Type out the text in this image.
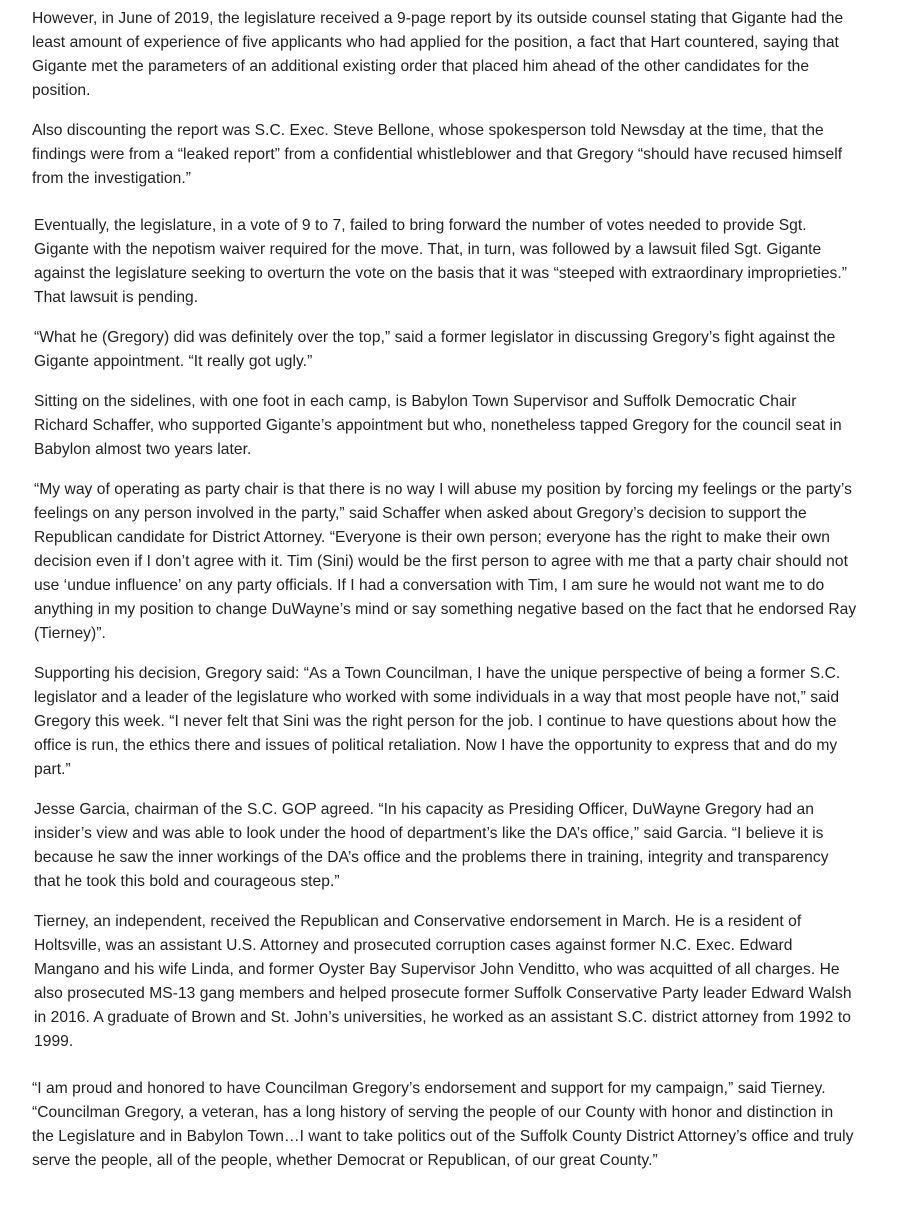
However, in June of 2019, the legislature received a 9-page report by its outside counsel stating that Gigante had the
least amount of experience of five applicants who had applied for the position, a fact that Hart countered, saying that
Gigante met the parameters of an additional existing order that placed him ahead of the other candidates for the
position.

Also discounting the report was S.C. Exec. Steve Bellone, whose spokesperson told Newsday at the time, that the
findings were from a “leaked report” from a confidential whistleblower and that Gregory “should have recused himself
from the investigation.”

Eventually, the legislature, in a vote of 9 to 7, failed to bring forward the number of votes needed to provide Sgt.
Gigante with the nepotism waiver required for the move. That, in turn, was followed by a lawsuit filed Sgt. Gigante
against the legislature seeking to overturn the vote on the basis that it was “steeped with extraordinary improprieties.”
That lawsuit is pending.

“What he (Gregory) did was definitely over the top,” said a former legislator in discussing Gregory’s fight against the
Gigante appointment. “It really got ugly.”

Sitting on the sidelines, with one foot in each camp, is Babylon Town Supervisor and Suffolk Democratic Chair
Richard Schaffer, who supported Gigante’s appointment but who, nonetheless tapped Gregory for the council seat in
Babylon almost two years later.

“My way of operating as party chair is that there is no way I will abuse my position by forcing my feelings or the party’s
feelings on any person involved in the party,” said Schaffer when asked about Gregory’s decision to support the
Republican candidate for District Attorney. “Everyone is their own person; everyone has the right to make their own
decision even if I don’t agree with it. Tim (Sini) would be the first person to agree with me that a party chair should not
use ‘undue influence’ on any party officials. If I had a conversation with Tim, I am sure he would not want me to do
anything in my position to change DuWayne’s mind or say something negative based on the fact that he endorsed Ray
(Tierney)”.

Supporting his decision, Gregory said: “As a Town Councilman, I have the unique perspective of being a former S.C.
legislator and a leader of the legislature who worked with some individuals in a way that most people have not,” said
Gregory this week. “I never felt that Sini was the right person for the job. I continue to have questions about how the
office is run, the ethics there and issues of political retaliation. Now I have the opportunity to express that and do my
part.”

Jesse Garcia, chairman of the S.C. GOP agreed. “In his capacity as Presiding Officer, DuWayne Gregory had an
insider’s view and was able to look under the hood of department’s like the DA’s office,” said Garcia. “I believe it is
because he saw the inner workings of the DA’s office and the problems there in training, integrity and transparency
that he took this bold and courageous step.”

Tierney, an independent, received the Republican and Conservative endorsement in March. He is a resident of
Holtsville, was an assistant U.S. Attorney and prosecuted corruption cases against former N.C. Exec. Edward
Mangano and his wife Linda, and former Oyster Bay Supervisor John Venditto, who was acquitted of all charges. He
also prosecuted MS-13 gang members and helped prosecute former Suffolk Conservative Party leader Edward Walsh
in 2016. A graduate of Brown and St. John’s universities, he worked as an assistant S.C. district attorney from 1992 to
1999.

“I am proud and honored to have Councilman Gregory’s endorsement and support for my campaign,” said Tierney.
“Councilman Gregory, a veteran, has a long history of serving the people of our County with honor and distinction in
the Legislature and in Babylon Town…I want to take politics out of the Suffolk County District Attorney’s office and truly
serve the people, all of the people, whether Democrat or Republican, of our great County.”
